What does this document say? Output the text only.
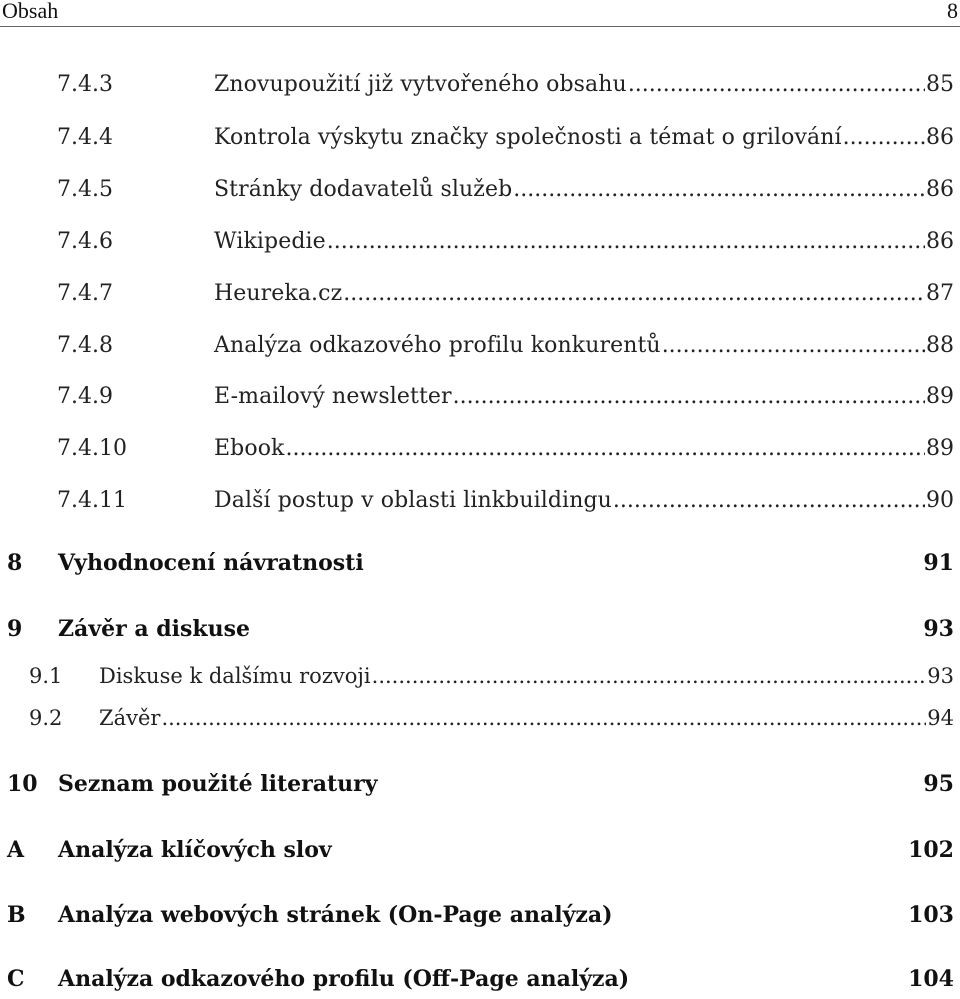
Obsah	8
7.4.3	Znovupoužití již vytvořeného obsahu .....	85
7.4.4	Kontrola výskytu značky společnosti a témat o grilování .....	86
7.4.5	Stránky dodavatelů služeb .....	86
7.4.6	Wikipedie .....	86
7.4.7	Heureka.cz .....	87
7.4.8	Analýza odkazového profilu konkurentů .....	88
7.4.9	E-mailový newsletter .....	89
7.4.10	Ebook .....	89
7.4.11	Další postup v oblasti linkbuildingu .....	90
8	Vyhodnocení návratnosti	91
9	Závěr a diskuse	93
9.1	Diskuse k dalšímu rozvoji .....	93
9.2	Závěr .....	94
10 Seznam použité literatury	95
A	Analýza klíčových slov	102
B	Analýza webových stránek (On-Page analýza)	103
C	Analýza odkazového profilu (Off-Page analýza)	104
